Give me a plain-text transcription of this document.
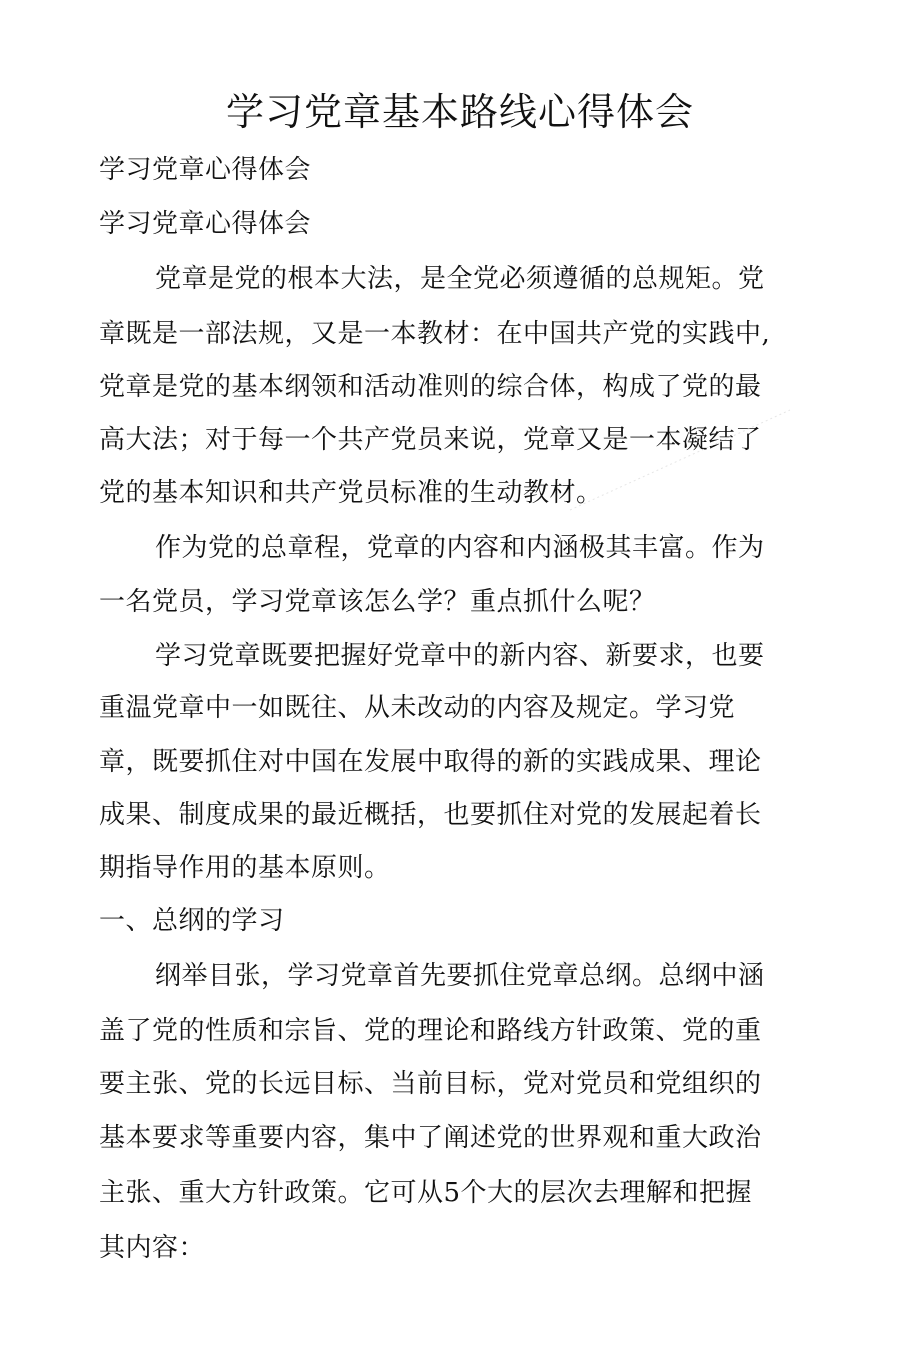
学习党章基本路线心得体会

学习党章心得体会

学习党章心得体会

党章是党的根本大法，是全党必须遵循的总规矩。党

章既是一部法规，又是一本教材：在中国共产党的实践中,

党章是党的基本纲领和活动准则的综合体，构成了党的最

高大法；对于每一个共产党员来说，党章又是一本凝结了

党的基本知识和共产党员标准的生动教材。

作为党的总章程，党章的内容和内涵极其丰富。作为

一名党员，学习党章该怎么学？重点抓什么呢？

学习党章既要把握好党章中的新内容、新要求，也要

重温党章中一如既往、从未改动的内容及规定。学习党

章，既要抓住对中国在发展中取得的新的实践成果、理论

成果、制度成果的最近概括，也要抓住对党的发展起着长

期指导作用的基本原则。

一、总纲的学习

纲举目张，学习党章首先要抓住党章总纲。总纲中涵

盖了党的性质和宗旨、党的理论和路线方针政策、党的重

要主张、党的长远目标、当前目标，党对党员和党组织的

基本要求等重要内容，集中了阐述党的世界观和重大政治

主张、重大方针政策。它可从5个大的层次去理解和把握

其内容：
